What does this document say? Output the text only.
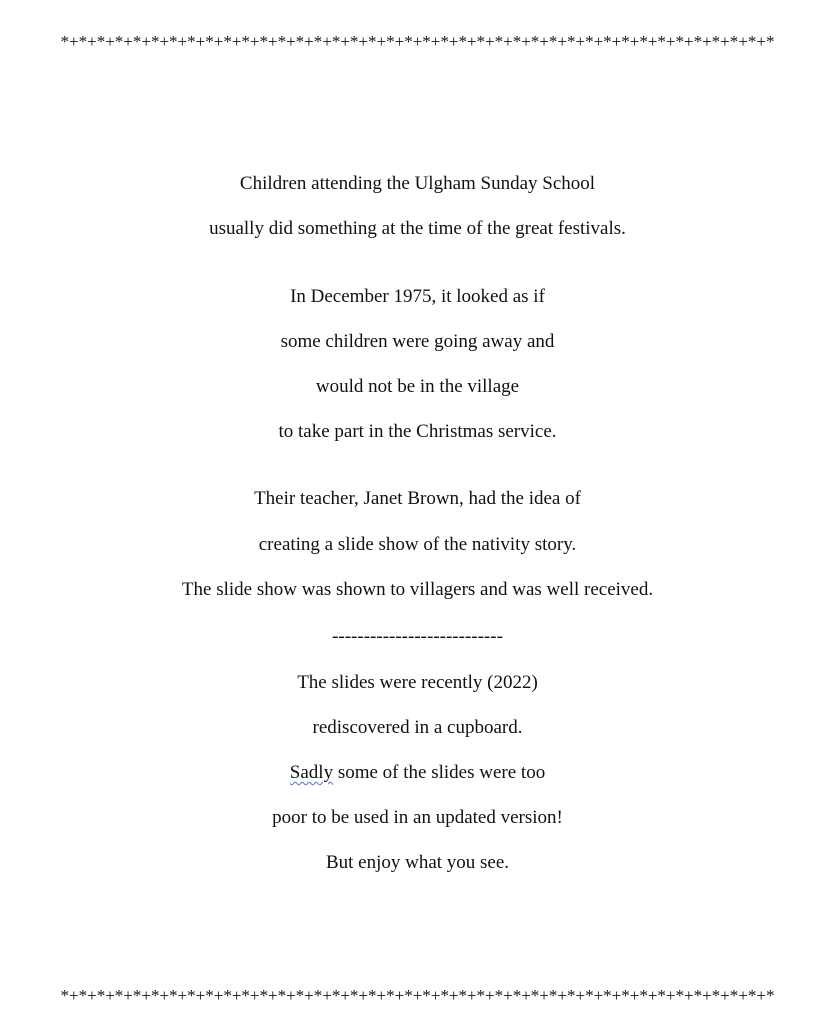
*+*+*+*+*+*+*+*+*+*+*+*+*+*+*+*+*+*+*+*+*+*+*+*+*+*+*+*+*+*+*+*+*+*+*+*+*+*+*+*
Children attending the Ulgham Sunday School
usually did something at the time of the great festivals.
In December 1975, it looked as if
some children were going away and
would not be in the village
to take part in the Christmas service.
Their teacher, Janet Brown, had the idea of
creating a slide show of the nativity story.
The slide show was shown to villagers and was well received.
---------------------------
The slides were recently (2022)
rediscovered in a cupboard.
Sadly some of the slides were too
poor to be used in an updated version!
But enjoy what you see.
*+*+*+*+*+*+*+*+*+*+*+*+*+*+*+*+*+*+*+*+*+*+*+*+*+*+*+*+*+*+*+*+*+*+*+*+*+*+*+*
